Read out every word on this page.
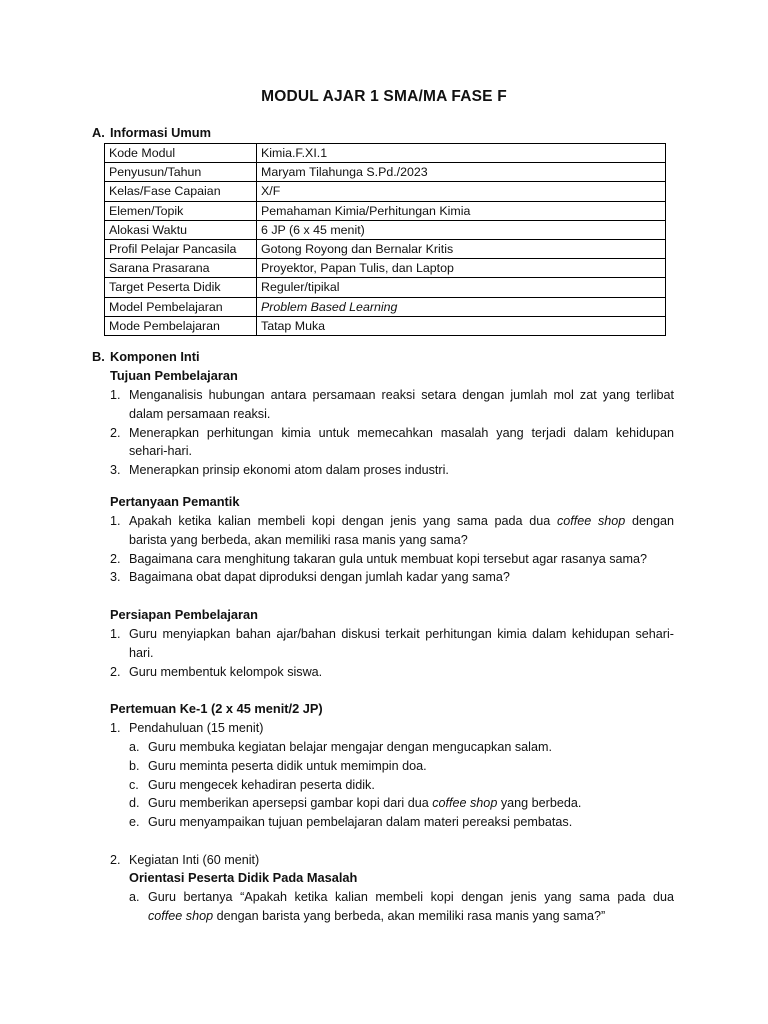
MODUL AJAR 1 SMA/MA FASE F
A. Informasi Umum
Kode Modul	Kimia.F.XI.1
Penyusun/Tahun	Maryam Tilahunga S.Pd./2023
Kelas/Fase Capaian	X/F
Elemen/Topik	Pemahaman Kimia/Perhitungan Kimia
Alokasi Waktu	6 JP (6 x 45 menit)
Profil Pelajar Pancasila	Gotong Royong dan Bernalar Kritis
Sarana Prasarana	Proyektor, Papan Tulis, dan Laptop
Target Peserta Didik	Reguler/tipikal
Model Pembelajaran	Problem Based Learning
Mode Pembelajaran	Tatap Muka
B. Komponen Inti
Tujuan Pembelajaran
1. Menganalisis hubungan antara persamaan reaksi setara dengan jumlah mol zat yang terlibat
dalam persamaan reaksi.
2. Menerapkan perhitungan kimia untuk memecahkan masalah yang terjadi dalam kehidupan
sehari-hari.
3. Menerapkan prinsip ekonomi atom dalam proses industri.
Pertanyaan Pemantik
1. Apakah ketika kalian membeli kopi dengan jenis yang sama pada dua coffee shop dengan
barista yang berbeda, akan memiliki rasa manis yang sama?
2. Bagaimana cara menghitung takaran gula untuk membuat kopi tersebut agar rasanya sama?
3. Bagaimana obat dapat diproduksi dengan jumlah kadar yang sama?
Persiapan Pembelajaran
1. Guru menyiapkan bahan ajar/bahan diskusi terkait perhitungan kimia dalam kehidupan sehari-
hari.
2. Guru membentuk kelompok siswa.
Pertemuan Ke-1 (2 x 45 menit/2 JP)
1. Pendahuluan (15 menit)
a. Guru membuka kegiatan belajar mengajar dengan mengucapkan salam.
b. Guru meminta peserta didik untuk memimpin doa.
c. Guru mengecek kehadiran peserta didik.
d. Guru memberikan apersepsi gambar kopi dari dua coffee shop yang berbeda.
e. Guru menyampaikan tujuan pembelajaran dalam materi pereaksi pembatas.
2. Kegiatan Inti (60 menit)
Orientasi Peserta Didik Pada Masalah
a. Guru bertanya “Apakah ketika kalian membeli kopi dengan jenis yang sama pada dua
coffee shop dengan barista yang berbeda, akan memiliki rasa manis yang sama?”
